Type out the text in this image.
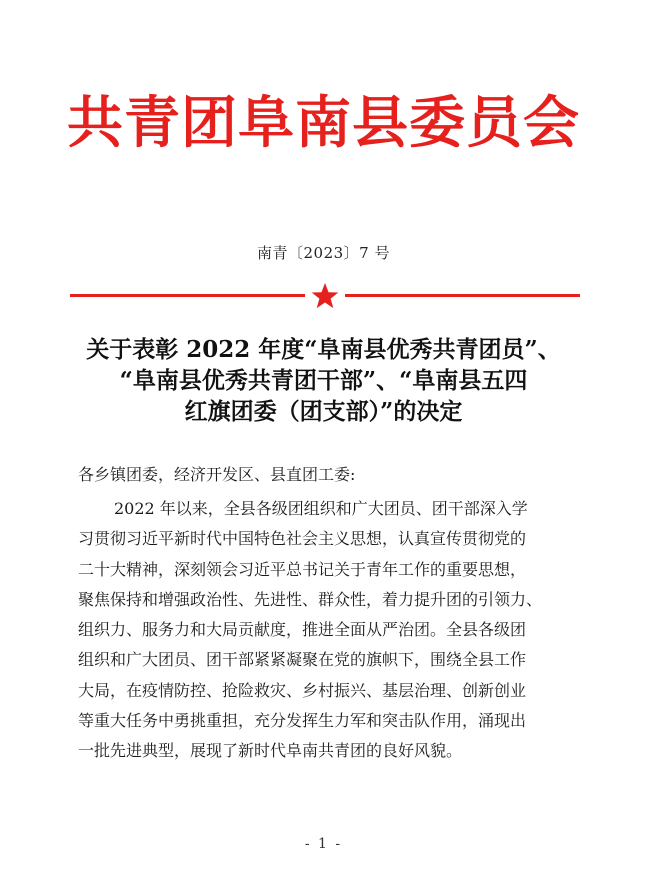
共青团阜南县委员会
南青〔2023〕7 号
关于表彰 2022 年度“阜南县优秀共青团员”、
“阜南县优秀共青团干部”、“阜南县五四
红旗团委（团支部）”的决定
各乡镇团委，经济开发区、县直团工委:
2022 年以来，全县各级团组织和广大团员、团干部深入学
习贯彻习近平新时代中国特色社会主义思想，认真宣传贯彻党的
二十大精神，深刻领会习近平总书记关于青年工作的重要思想，
聚焦保持和增强政治性、先进性、群众性，着力提升团的引领力、
组织力、服务力和大局贡献度，推进全面从严治团。全县各级团
组织和广大团员、团干部紧紧凝聚在党的旗帜下，围绕全县工作
大局，在疫情防控、抢险救灾、乡村振兴、基层治理、创新创业
等重大任务中勇挑重担，充分发挥生力军和突击队作用，涌现出
一批先进典型，展现了新时代阜南共青团的良好风貌。
- 1 -
